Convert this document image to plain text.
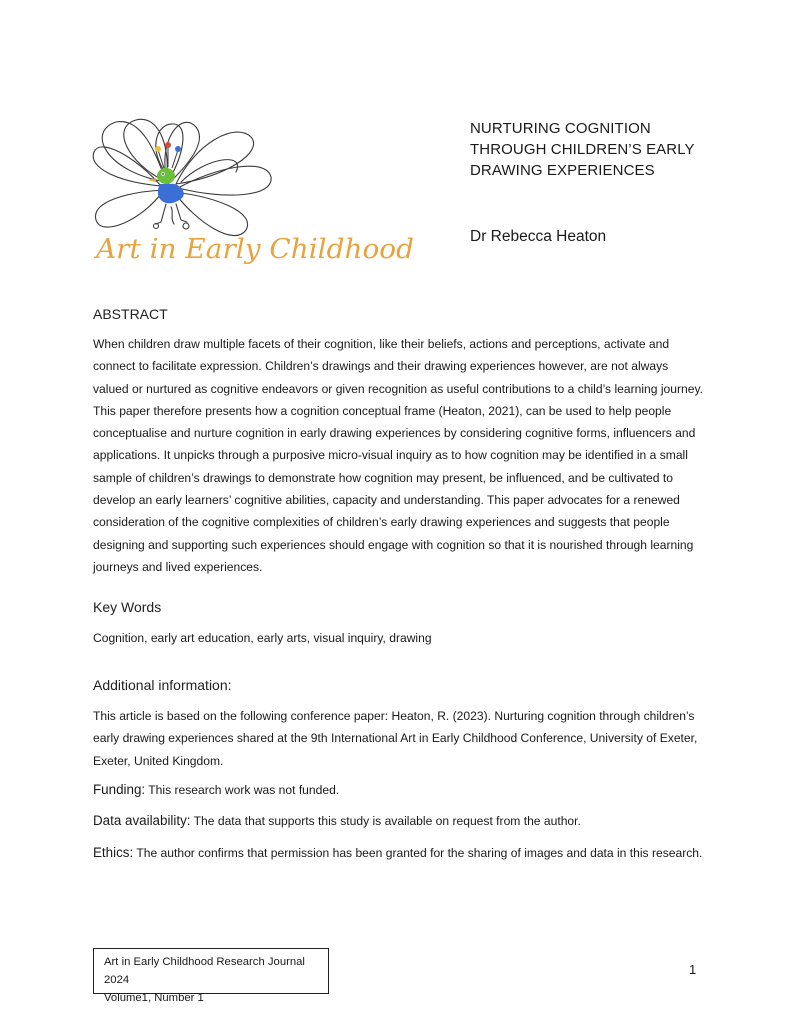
Art in Early Childhood
NURTURING COGNITION
THROUGH CHILDREN’S EARLY
DRAWING EXPERIENCES
Dr Rebecca Heaton
ABSTRACT
When children draw multiple facets of their cognition, like their beliefs, actions and perceptions, activate and connect to facilitate expression. Children’s drawings and their drawing experiences however, are not always valued or nurtured as cognitive endeavors or given recognition as useful contributions to a child’s learning journey. This paper therefore presents how a cognition conceptual frame (Heaton, 2021), can be used to help people conceptualise and nurture cognition in early drawing experiences by considering cognitive forms, influencers and applications. It unpicks through a purposive micro-visual inquiry as to how cognition may be identified in a small sample of children’s drawings to demonstrate how cognition may present, be influenced, and be cultivated to develop an early learners’ cognitive abilities, capacity and understanding. This paper advocates for a renewed consideration of the cognitive complexities of children’s early drawing experiences and suggests that people designing and supporting such experiences should engage with cognition so that it is nourished through learning journeys and lived experiences.
Key Words
Cognition, early art education, early arts, visual inquiry, drawing
Additional information:
This article is based on the following conference paper: Heaton, R. (2023). Nurturing cognition through children’s early drawing experiences shared at the 9th International Art in Early Childhood Conference, University of Exeter, Exeter, United Kingdom.
Funding: This research work was not funded.
Data availability: The data that supports this study is available on request from the author.
Ethics: The author confirms that permission has been granted for the sharing of images and data in this research.
Art in Early Childhood Research Journal 2024
Volume1, Number 1
1
